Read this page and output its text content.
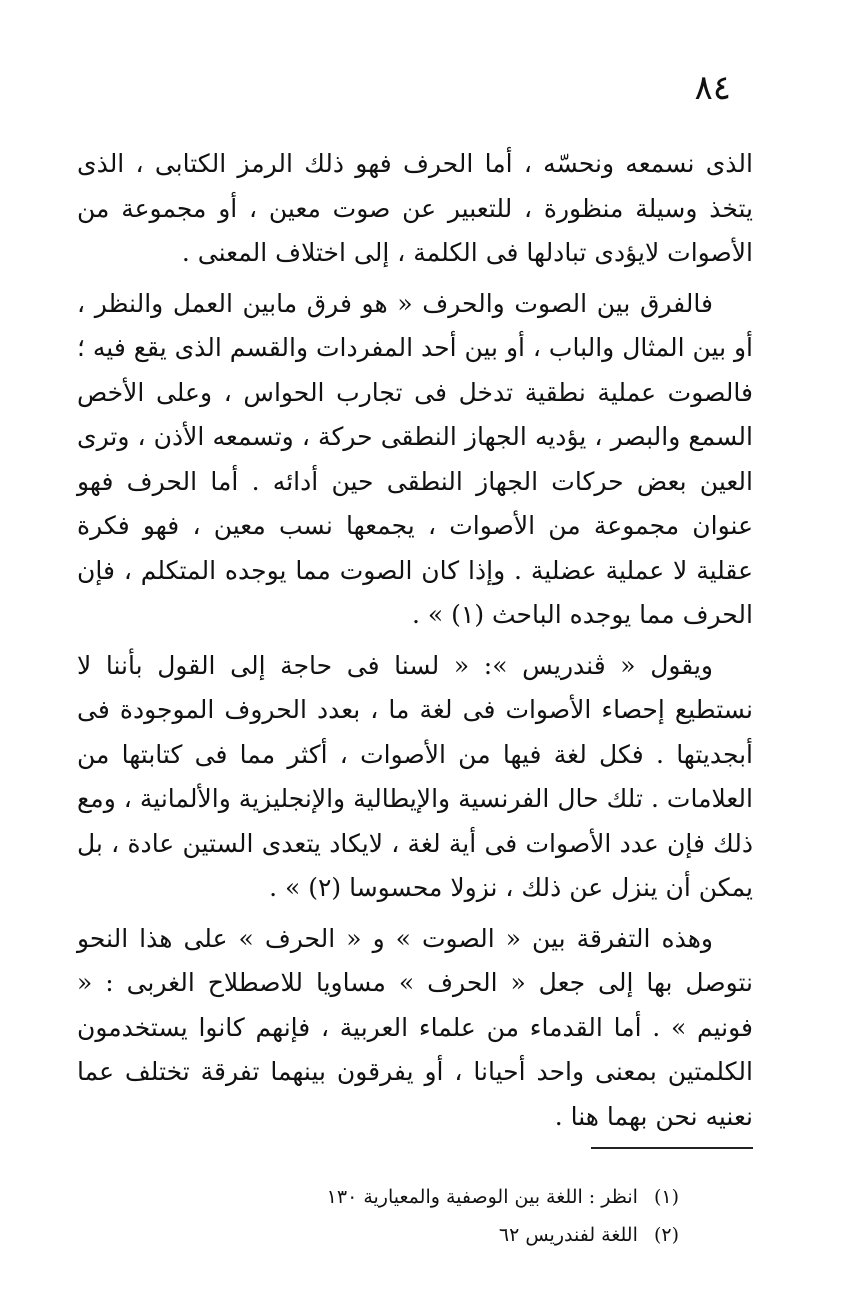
٨٤

الذى نسمعه ونحسّه ، أما الحرف فهو ذلك الرمز الكتابى ، الذى يتخذ وسيلة منظورة ، للتعبير عن صوت معين ، أو مجموعة من الأصوات لايؤدى تبادلها فى الكلمة ، إلى اختلاف المعنى .

فالفرق بين الصوت والحرف « هو فرق مابين العمل والنظر ، أو بين المثال والباب ، أو بين أحد المفردات والقسم الذى يقع فيه ؛ فالصوت عملية نطقية تدخل فى تجارب الحواس ، وعلى الأخص السمع والبصر ، يؤديه الجهاز النطقى حركة ، وتسمعه الأذن ، وترى العين بعض حركات الجهاز النطقى حين أدائه . أما الحرف فهو عنوان مجموعة من الأصوات ، يجمعها نسب معين ، فهو فكرة عقلية لا عملية عضلية . وإذا كان الصوت مما يوجده المتكلم ، فإن الحرف مما يوجده الباحث (١) » .

ويقول « ڤندريس »: « لسنا فى حاجة إلى القول بأننا لا نستطيع إحصاء الأصوات فى لغة ما ، بعدد الحروف الموجودة فى أبجديتها . فكل لغة فيها من الأصوات ، أكثر مما فى كتابتها من العلامات . تلك حال الفرنسية والإيطالية والإنجليزية والألمانية ، ومع ذلك فإن عدد الأصوات فى أية لغة ، لايكاد يتعدى الستين عادة ، بل يمكن أن ينزل عن ذلك ، نزولا محسوسا (٢) » .

وهذه التفرقة بين « الصوت » و « الحرف » على هذا النحو نتوصل بها إلى جعل « الحرف » مساويا للاصطلاح الغربى : « فونيم » . أما القدماء من علماء العربية ، فإنهم كانوا يستخدمون الكلمتين بمعنى واحد أحيانا ، أو يفرقون بينهما تفرقة تختلف عما نعنيه نحن بهما هنا .

(١) انظر : اللغة بين الوصفية والمعيارية ١٣٠
(٢) اللغة لفندريس ٦٢
